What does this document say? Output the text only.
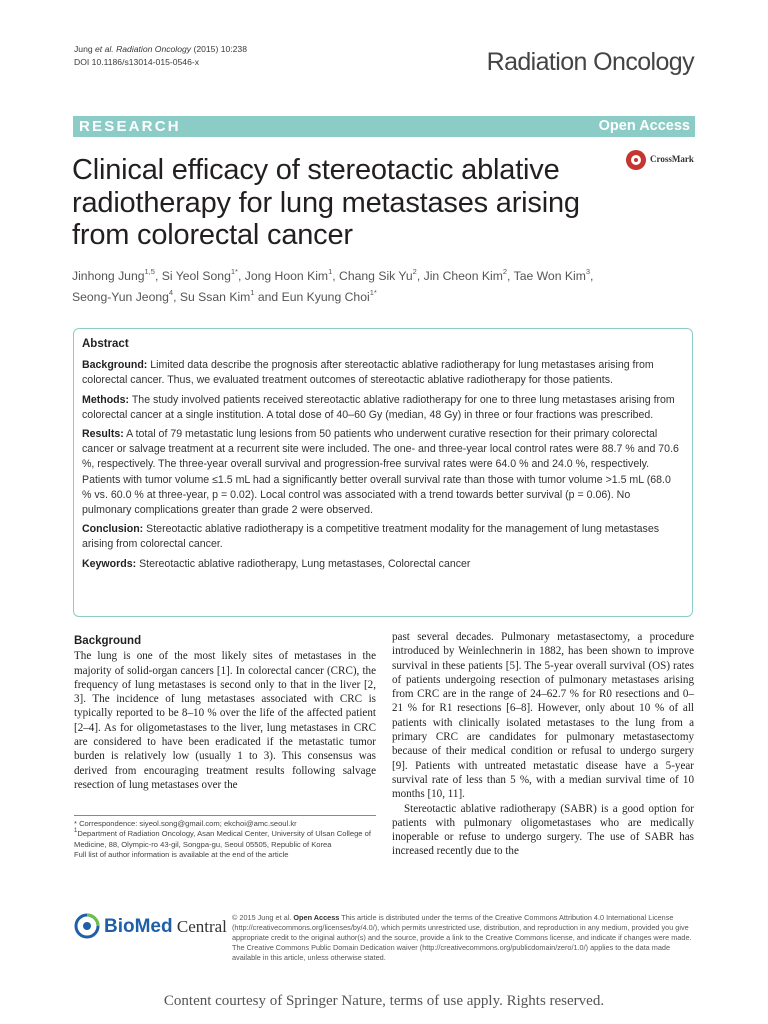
Jung et al. Radiation Oncology (2015) 10:238
DOI 10.1186/s13014-015-0546-x	Radiation Oncology
RESEARCH	Open Access
Clinical efficacy of stereotactic ablative radiotherapy for lung metastases arising from colorectal cancer
CrossMark
Jinhong Jung$^{1,5}$, Si Yeol Song$^{1*}$, Jong Hoon Kim$^1$, Chang Sik Yu$^2$, Jin Cheon Kim$^2$, Tae Won Kim$^3$,
Seong-Yun Jeong$^4$, Su Ssan Kim$^1$ and Eun Kyung Choi$^{1*}$
Abstract

Background: Limited data describe the prognosis after stereotactic ablative radiotherapy for lung metastases arising from colorectal cancer. Thus, we evaluated treatment outcomes of stereotactic ablative radiotherapy for those patients.

Methods: The study involved patients received stereotactic ablative radiotherapy for one to three lung metastases arising from colorectal cancer at a single institution. A total dose of 40–60 Gy (median, 48 Gy) in three or four fractions was prescribed.

Results: A total of 79 metastatic lung lesions from 50 patients who underwent curative resection for their primary colorectal cancer or salvage treatment at a recurrent site were included. The one- and three-year local control rates were 88.7 % and 70.6 %, respectively. The three-year overall survival and progression-free survival rates were 64.0 % and 24.0 %, respectively. Patients with tumor volume ≤1.5 mL had a significantly better overall survival rate than those with tumor volume >1.5 mL (68.0 % vs. 60.0 % at three-year, p = 0.02). Local control was associated with a trend towards better survival (p = 0.06). No pulmonary complications greater than grade 2 were observed.

Conclusion: Stereotactic ablative radiotherapy is a competitive treatment modality for the management of lung metastases arising from colorectal cancer.

Keywords: Stereotactic ablative radiotherapy, Lung metastases, Colorectal cancer

Background

The lung is one of the most likely sites of metastases in the majority of solid-organ cancers [1]. In colorectal cancer (CRC), the frequency of lung metastases is second only to that in the liver [2, 3]. The incidence of lung metastases associated with CRC is typically reported to be 8–10 % over the life of the affected patient [2–4]. As for oligometastases to the liver, lung metastases in CRC are considered to have been eradicated if the metastatic tumor burden is relatively low (usually 1 to 3). This consensus was derived from encouraging treatment results following salvage resection of lung metastases over the

past several decades. Pulmonary metastasectomy, a procedure introduced by Weinlechnerin in 1882, has been shown to improve survival in these patients [5]. The 5-year overall survival (OS) rates of patients undergoing resection of pulmonary metastases arising from CRC are in the range of 24–62.7 % for R0 resections and 0–21 % for R1 resections [6–8]. However, only about 10 % of all patients with clinically isolated metastases to the lung from a primary CRC are candidates for pulmonary metastasectomy because of their medical condition or refusal to undergo surgery [9]. Patients with untreated metastatic disease have a 5-year survival rate of less than 5 %, with a median survival time of 10 months [10, 11].

Stereotactic ablative radiotherapy (SABR) is a good option for patients with pulmonary oligometastases who are medically inoperable or refuse to undergo surgery. The use of SABR has increased recently due to the

* Correspondence: siyeol.song@gmail.com; ekchoi@amc.seoul.kr
$^1$Department of Radiation Oncology, Asan Medical Center, University of Ulsan College of Medicine, 88, Olympic-ro 43-gil, Songpa-gu, Seoul 05505, Republic of Korea
Full list of author information is available at the end of the article
BioMed Central © 2015 Jung et al. Open Access This article is distributed under the terms of the Creative Commons Attribution 4.0 International License (http://creativecommons.org/licenses/by/4.0/), which permits unrestricted use, distribution, and reproduction in any medium, provided you give appropriate credit to the original author(s) and the source, provide a link to the Creative Commons license, and indicate if changes were made. The Creative Commons Public Domain Dedication waiver (http://creativecommons.org/publicdomain/zero/1.0/) applies to the data made available in this article, unless otherwise stated.
Content courtesy of Springer Nature, terms of use apply. Rights reserved.
